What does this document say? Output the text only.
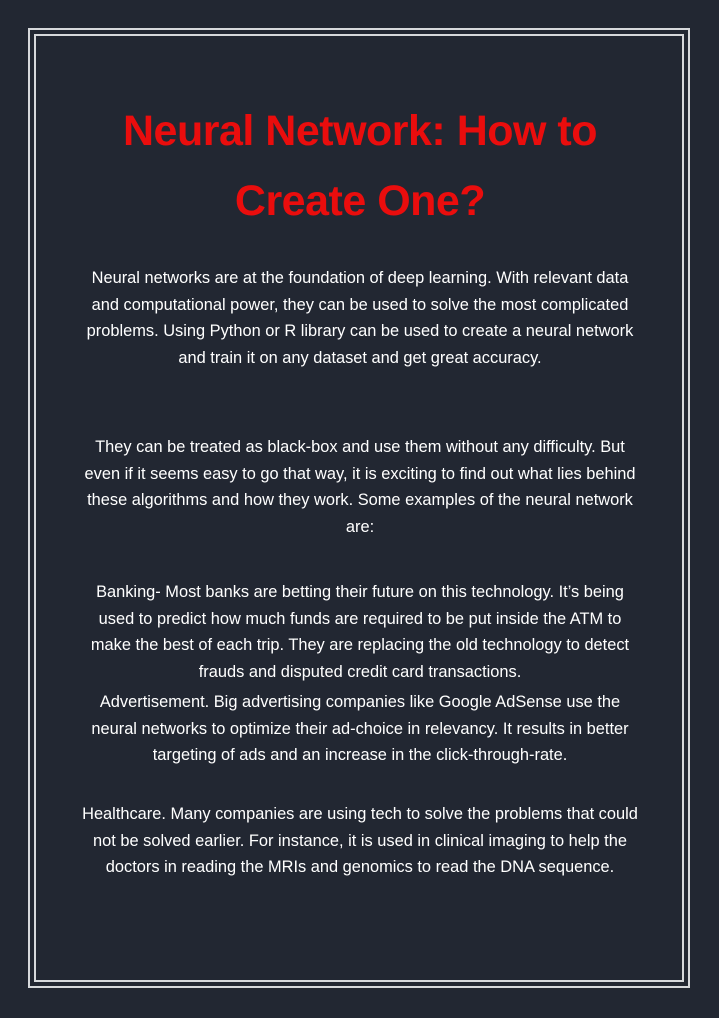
Neural Network: How to Create One?

Neural networks are at the foundation of deep learning. With relevant data and computational power, they can be used to solve the most complicated problems. Using Python or R library can be used to create a neural network and train it on any dataset and get great accuracy.

They can be treated as black-box and use them without any difficulty. But even if it seems easy to go that way, it is exciting to find out what lies behind these algorithms and how they work. Some examples of the neural network are:

Banking- Most banks are betting their future on this technology. It’s being used to predict how much funds are required to be put inside the ATM to make the best of each trip. They are replacing the old technology to detect frauds and disputed credit card transactions.

Advertisement. Big advertising companies like Google AdSense use the neural networks to optimize their ad-choice in relevancy. It results in better targeting of ads and an increase in the click-through-rate.

Healthcare. Many companies are using tech to solve the problems that could not be solved earlier. For instance, it is used in clinical imaging to help the doctors in reading the MRIs and genomics to read the DNA sequence.
